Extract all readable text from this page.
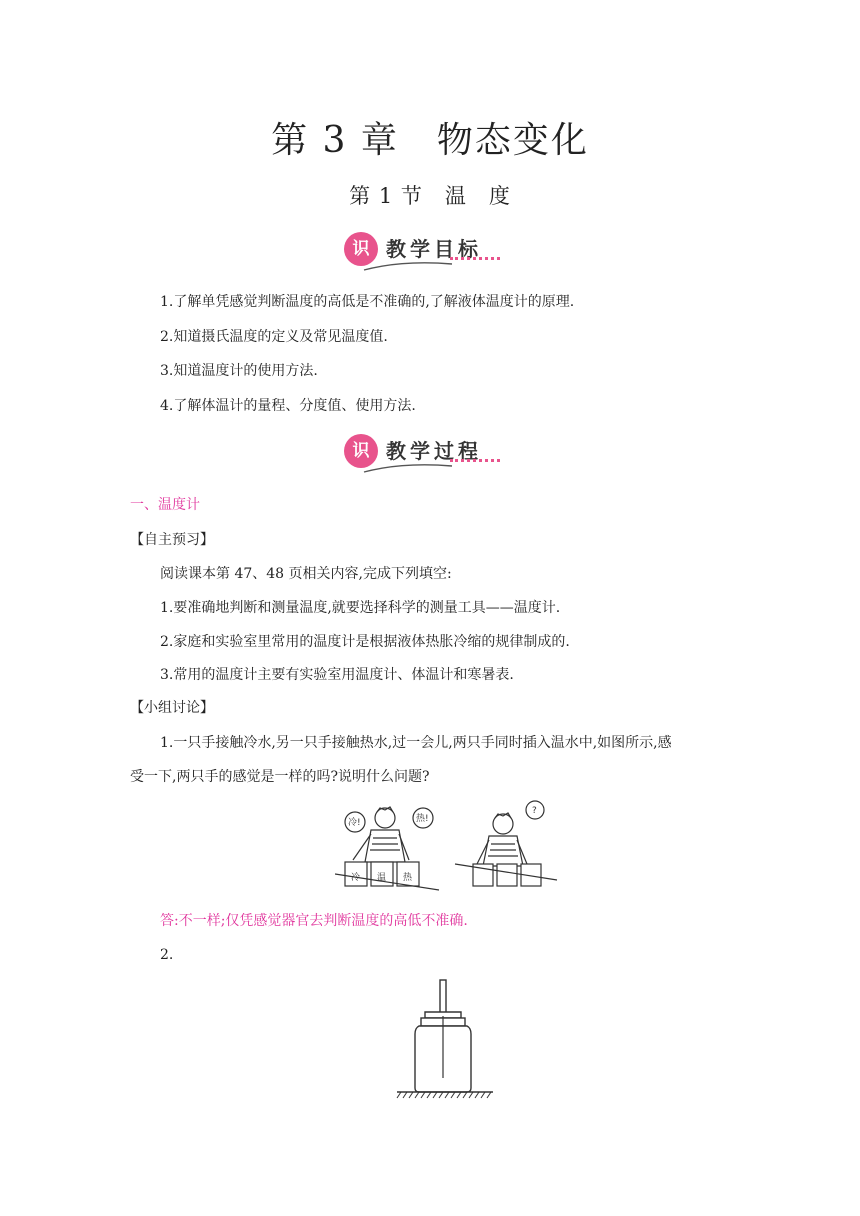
第 3 章　物态变化
第 1 节　温　度
识 教学目标
1.了解单凭感觉判断温度的高低是不准确的,了解液体温度计的原理.
2.知道摄氏温度的定义及常见温度值.
3.知道温度计的使用方法.
4.了解体温计的量程、分度值、使用方法.
识 教学过程
一、温度计
【自主预习】
阅读课本第 47、48 页相关内容,完成下列填空:
1.要准确地判断和测量温度,就要选择科学的测量工具——温度计.
2.家庭和实验室里常用的温度计是根据液体热胀冷缩的规律制成的.
3.常用的温度计主要有实验室用温度计、体温计和寒暑表.
【小组讨论】
1.一只手接触冷水,另一只手接触热水,过一会儿,两只手同时插入温水中,如图所示,感
受一下,两只手的感觉是一样的吗?说明什么问题?
冷!	热!
?
冷 温 热
答:不一样;仅凭感觉器官去判断温度的高低不准确.
2.
